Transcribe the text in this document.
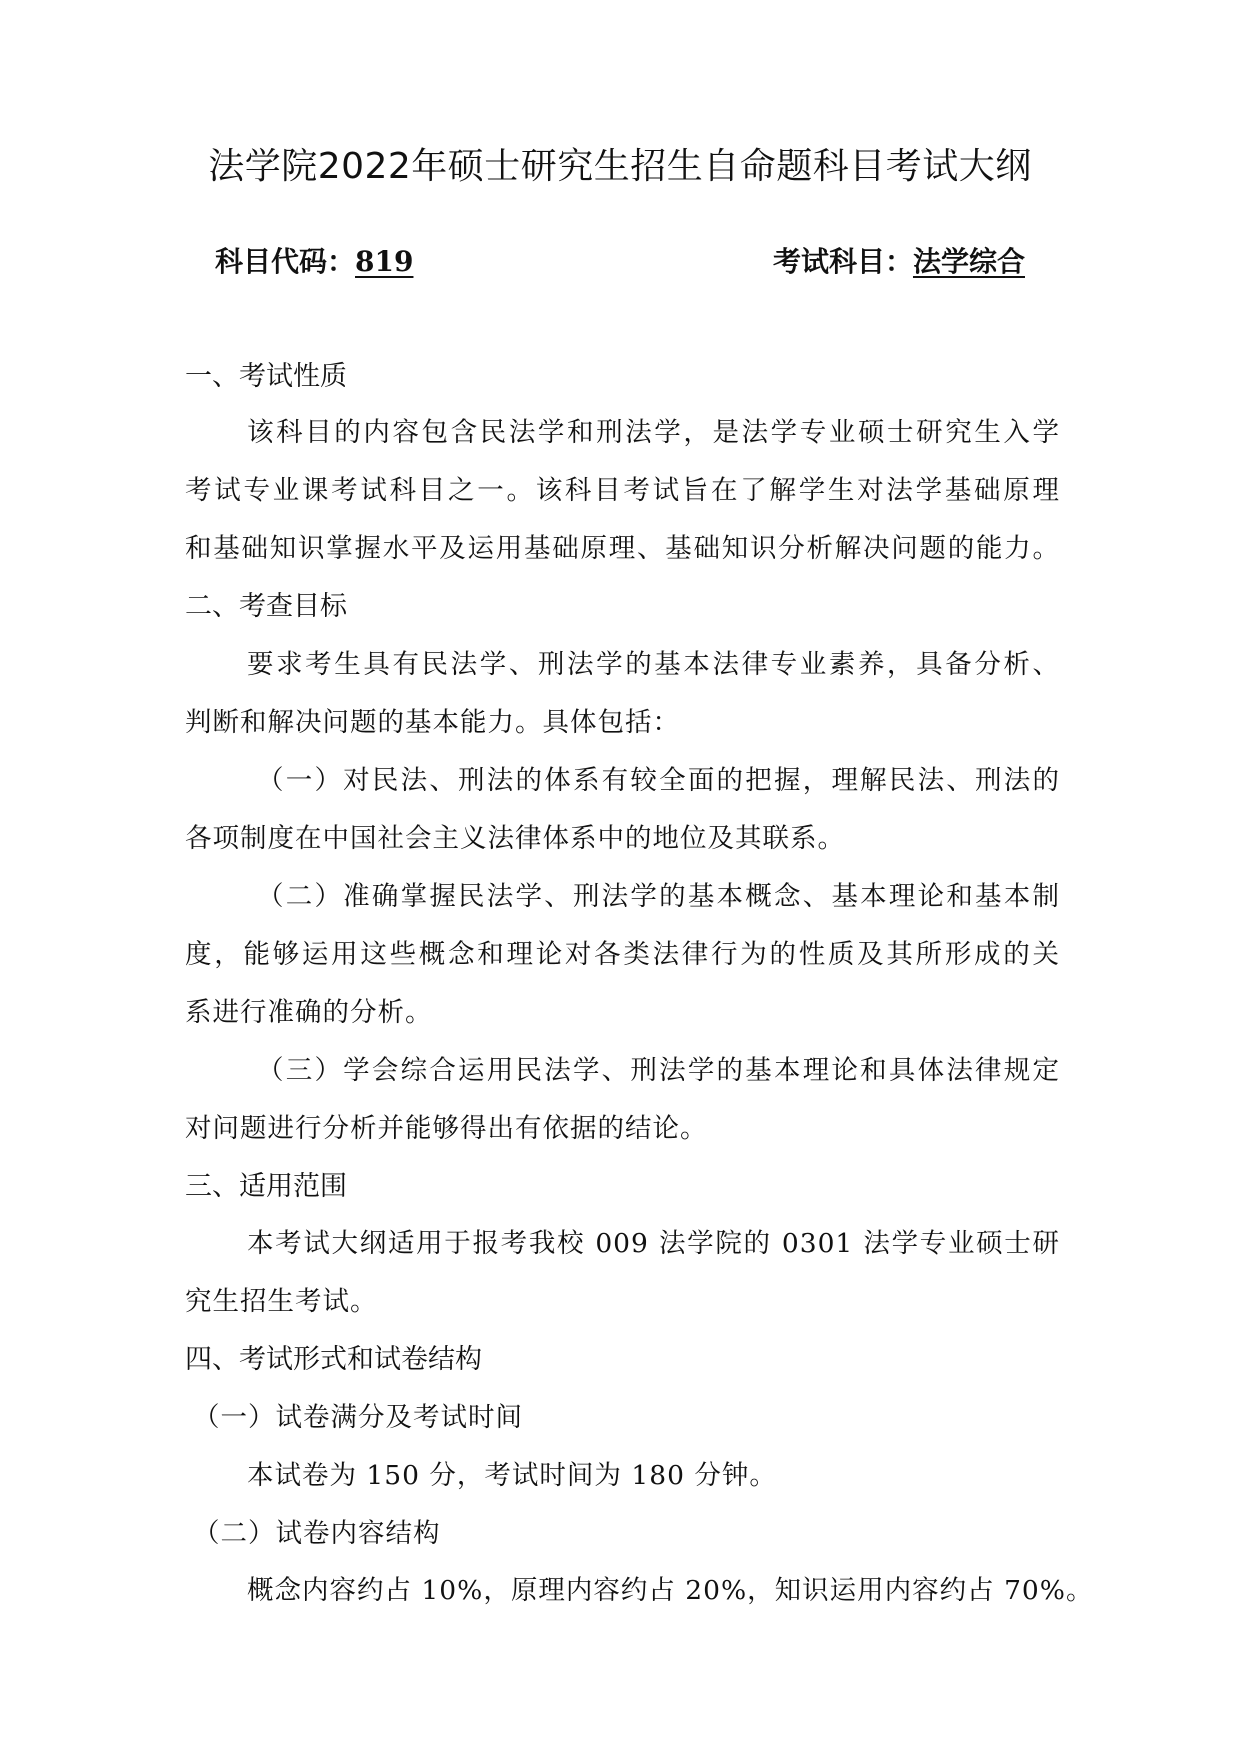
法学院2022年硕士研究生招生自命题科目考试大纲
科目代码：819	考试科目：法学综合
一、考试性质
该科目的内容包含民法学和刑法学，是法学专业硕士研究生入学
考试专业课考试科目之一。该科目考试旨在了解学生对法学基础原理
和基础知识掌握水平及运用基础原理、基础知识分析解决问题的能力。
二、考查目标
要求考生具有民法学、刑法学的基本法律专业素养，具备分析、
判断和解决问题的基本能力。具体包括：
（一）对民法、刑法的体系有较全面的把握，理解民法、刑法的
各项制度在中国社会主义法律体系中的地位及其联系。
（二）准确掌握民法学、刑法学的基本概念、基本理论和基本制
度，能够运用这些概念和理论对各类法律行为的性质及其所形成的关
系进行准确的分析。
（三）学会综合运用民法学、刑法学的基本理论和具体法律规定
对问题进行分析并能够得出有依据的结论。
三、适用范围
本考试大纲适用于报考我校 009 法学院的 0301 法学专业硕士研
究生招生考试。
四、考试形式和试卷结构
（一）试卷满分及考试时间
本试卷为 150 分，考试时间为 180 分钟。
（二）试卷内容结构
概念内容约占 10%，原理内容约占 20%，知识运用内容约占 70%。
